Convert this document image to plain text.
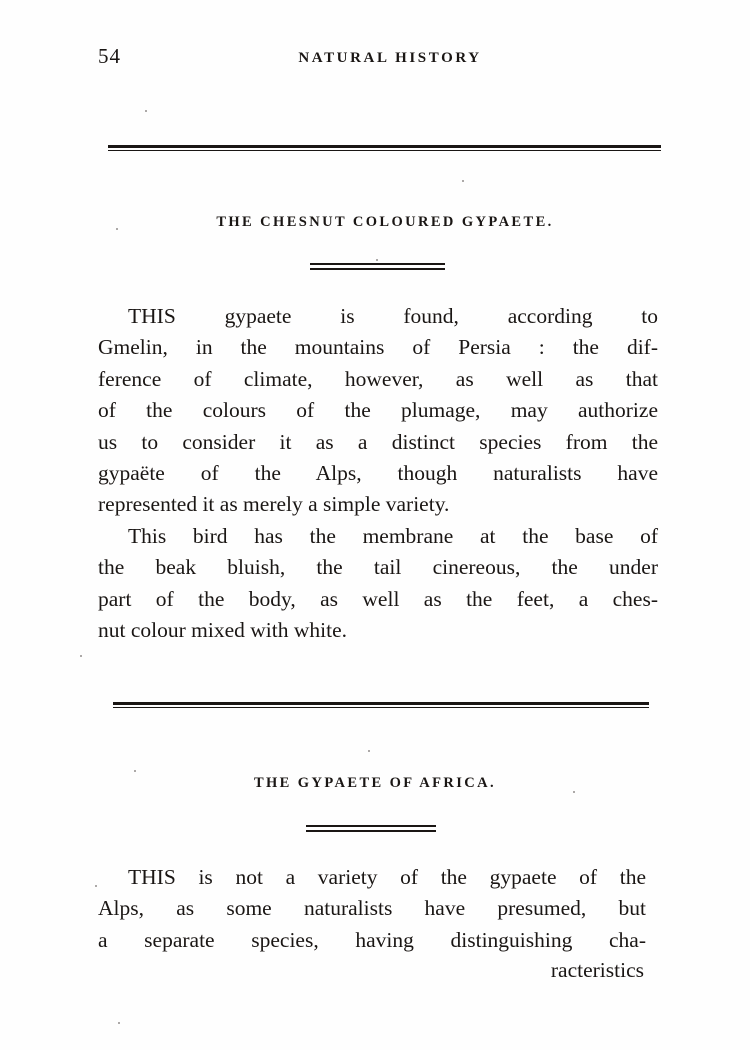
54	NATURAL HISTORY
THE CHESNUT COLOURED GYPAETE.
THIS gypaete is found, according to
Gmelin, in the mountains of Persia : the dif-
ference of climate, however, as well as that
of the colours of the plumage, may authorize
us to consider it as a distinct species from the
gypaëte of the Alps, though naturalists have
represented it as merely a simple variety.
This bird has the membrane at the base of
the beak bluish, the tail cinereous, the under
part of the body, as well as the feet, a ches-
nut colour mixed with white.
THE GYPAETE OF AFRICA.
THIS is not a variety of the gypaete of the
Alps, as some naturalists have presumed, but
a separate species, having distinguishing cha-
racteristics
